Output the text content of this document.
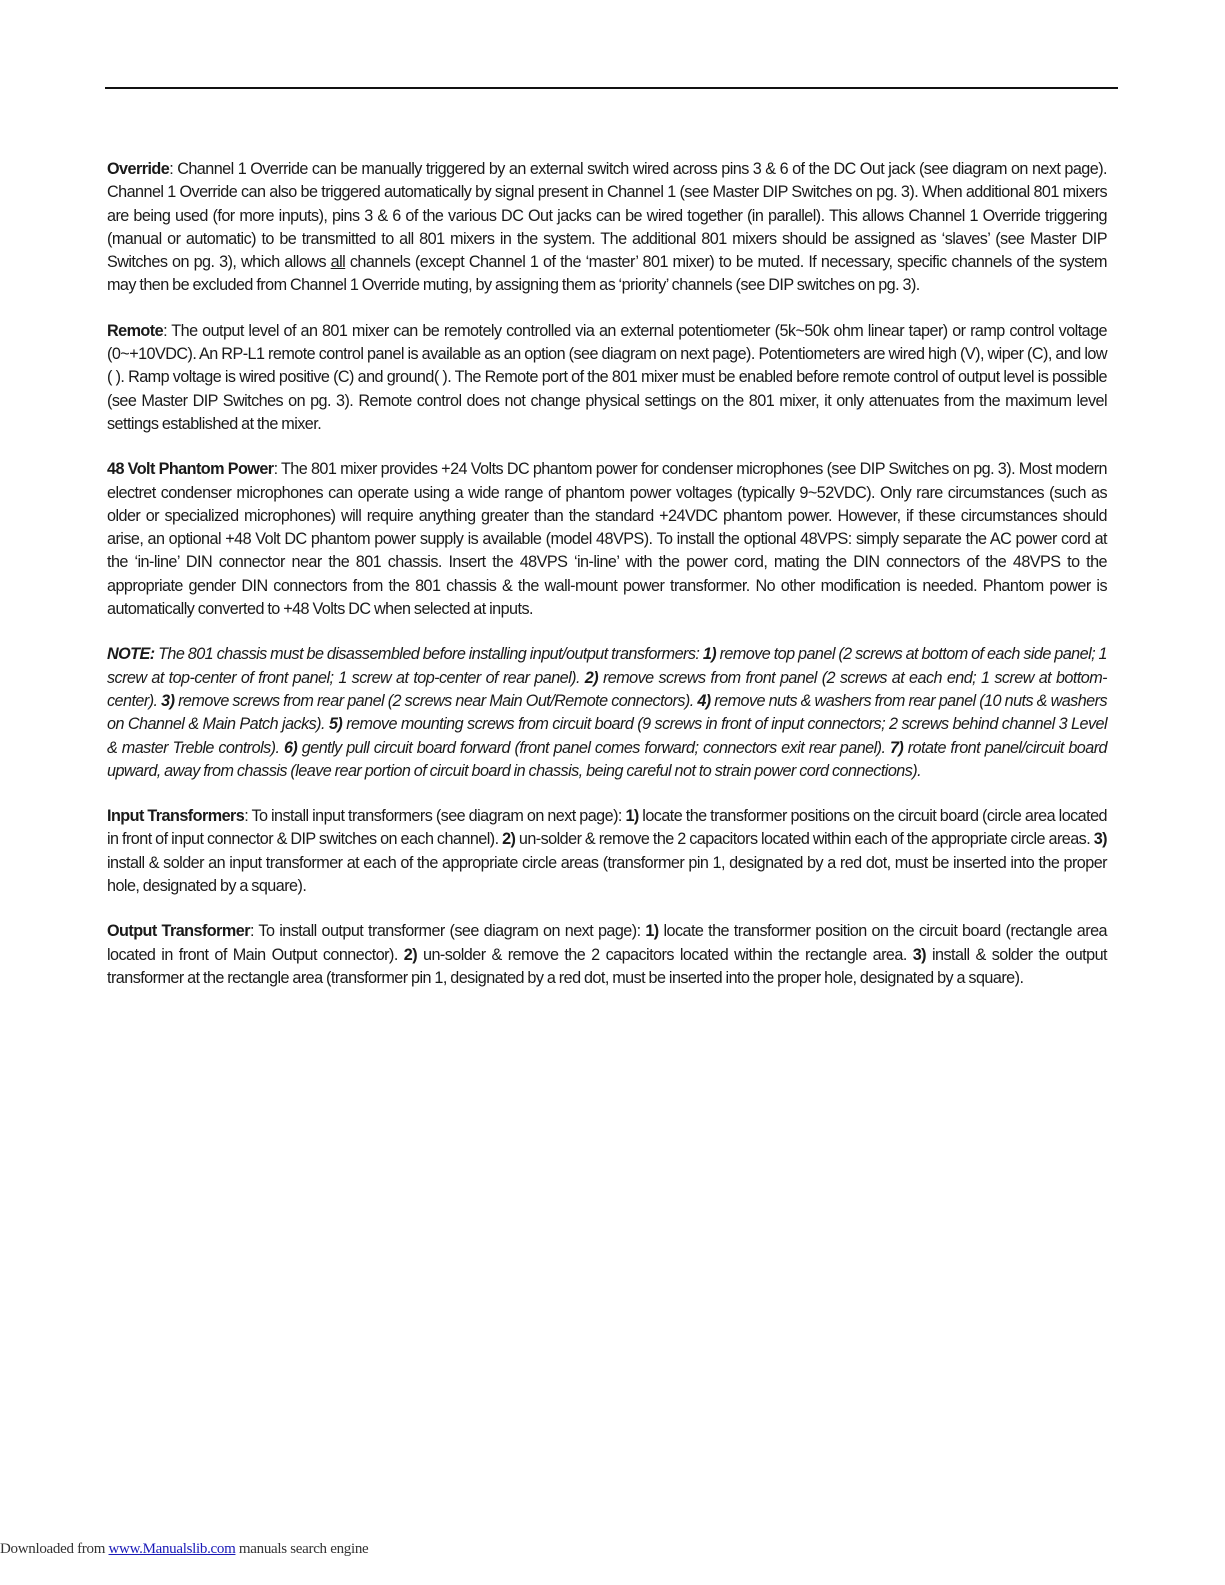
Override: Channel 1 Override can be manually triggered by an external switch wired across pins 3 & 6 of the DC Out jack (see diagram on next page). Channel 1 Override can also be triggered automatically by signal present in Channel 1 (see Master DIP Switches on pg. 3). When additional 801 mixers are being used (for more inputs), pins 3 & 6 of the various DC Out jacks can be wired together (in parallel). This allows Channel 1 Override triggering (manual or automatic) to be transmitted to all 801 mixers in the system. The additional 801 mixers should be assigned as ‘slaves’ (see Master DIP Switches on pg. 3), which allows all channels (except Channel 1 of the ‘master’ 801 mixer) to be muted. If necessary, specific channels of the system may then be excluded from Channel 1 Override muting, by assigning them as ‘priority’ channels (see DIP switches on pg. 3).

Remote: The output level of an 801 mixer can be remotely controlled via an external potentiometer (5k~50k ohm linear taper) or ramp control voltage (0~+10VDC). An RP-L1 remote control panel is available as an option (see diagram on next page). Potentiometers are wired high (V), wiper (C), and low ( ). Ramp voltage is wired positive (C) and ground( ). The Remote port of the 801 mixer must be enabled before remote control of output level is possible (see Master DIP Switches on pg. 3). Remote control does not change physical settings on the 801 mixer, it only attenuates from the maximum level settings established at the mixer.

48 Volt Phantom Power: The 801 mixer provides +24 Volts DC phantom power for condenser microphones (see DIP Switches on pg. 3). Most modern electret condenser microphones can operate using a wide range of phantom power voltages (typically 9~52VDC). Only rare circumstances (such as older or specialized microphones) will require anything greater than the standard +24VDC phantom power. However, if these circumstances should arise, an optional +48 Volt DC phantom power supply is available (model 48VPS). To install the optional 48VPS: simply separate the AC power cord at the ‘in-line’ DIN connector near the 801 chassis. Insert the 48VPS ‘in-line’ with the power cord, mating the DIN connectors of the 48VPS to the appropriate gender DIN connectors from the 801 chassis & the wall-mount power transformer. No other modification is needed. Phantom power is automatically converted to +48 Volts DC when selected at inputs.

NOTE: The 801 chassis must be disassembled before installing input/output transformers: 1) remove top panel (2 screws at bottom of each side panel; 1 screw at top-center of front panel; 1 screw at top-center of rear panel). 2) remove screws from front panel (2 screws at each end; 1 screw at bottom-center). 3) remove screws from rear panel (2 screws near Main Out/Remote connectors). 4) remove nuts & washers from rear panel (10 nuts & washers on Channel & Main Patch jacks). 5) remove mounting screws from circuit board (9 screws in front of input connectors; 2 screws behind channel 3 Level & master Treble controls). 6) gently pull circuit board forward (front panel comes forward; connectors exit rear panel). 7) rotate front panel/circuit board upward, away from chassis (leave rear portion of circuit board in chassis, being careful not to strain power cord connections).

Input Transformers: To install input transformers (see diagram on next page): 1) locate the transformer positions on the circuit board (circle area located in front of input connector & DIP switches on each channel). 2) un-solder & remove the 2 capacitors located within each of the appropriate circle areas. 3) install & solder an input transformer at each of the appropriate circle areas (transformer pin 1, designated by a red dot, must be inserted into the proper hole, designated by a square).

Output Transformer: To install output transformer (see diagram on next page): 1) locate the transformer position on the circuit board (rectangle area located in front of Main Output connector). 2) un-solder & remove the 2 capacitors located within the rectangle area. 3) install & solder the output transformer at the rectangle area (transformer pin 1, designated by a red dot, must be inserted into the proper hole, designated by a square).

Downloaded from www.Manualslib.com manuals search engine
